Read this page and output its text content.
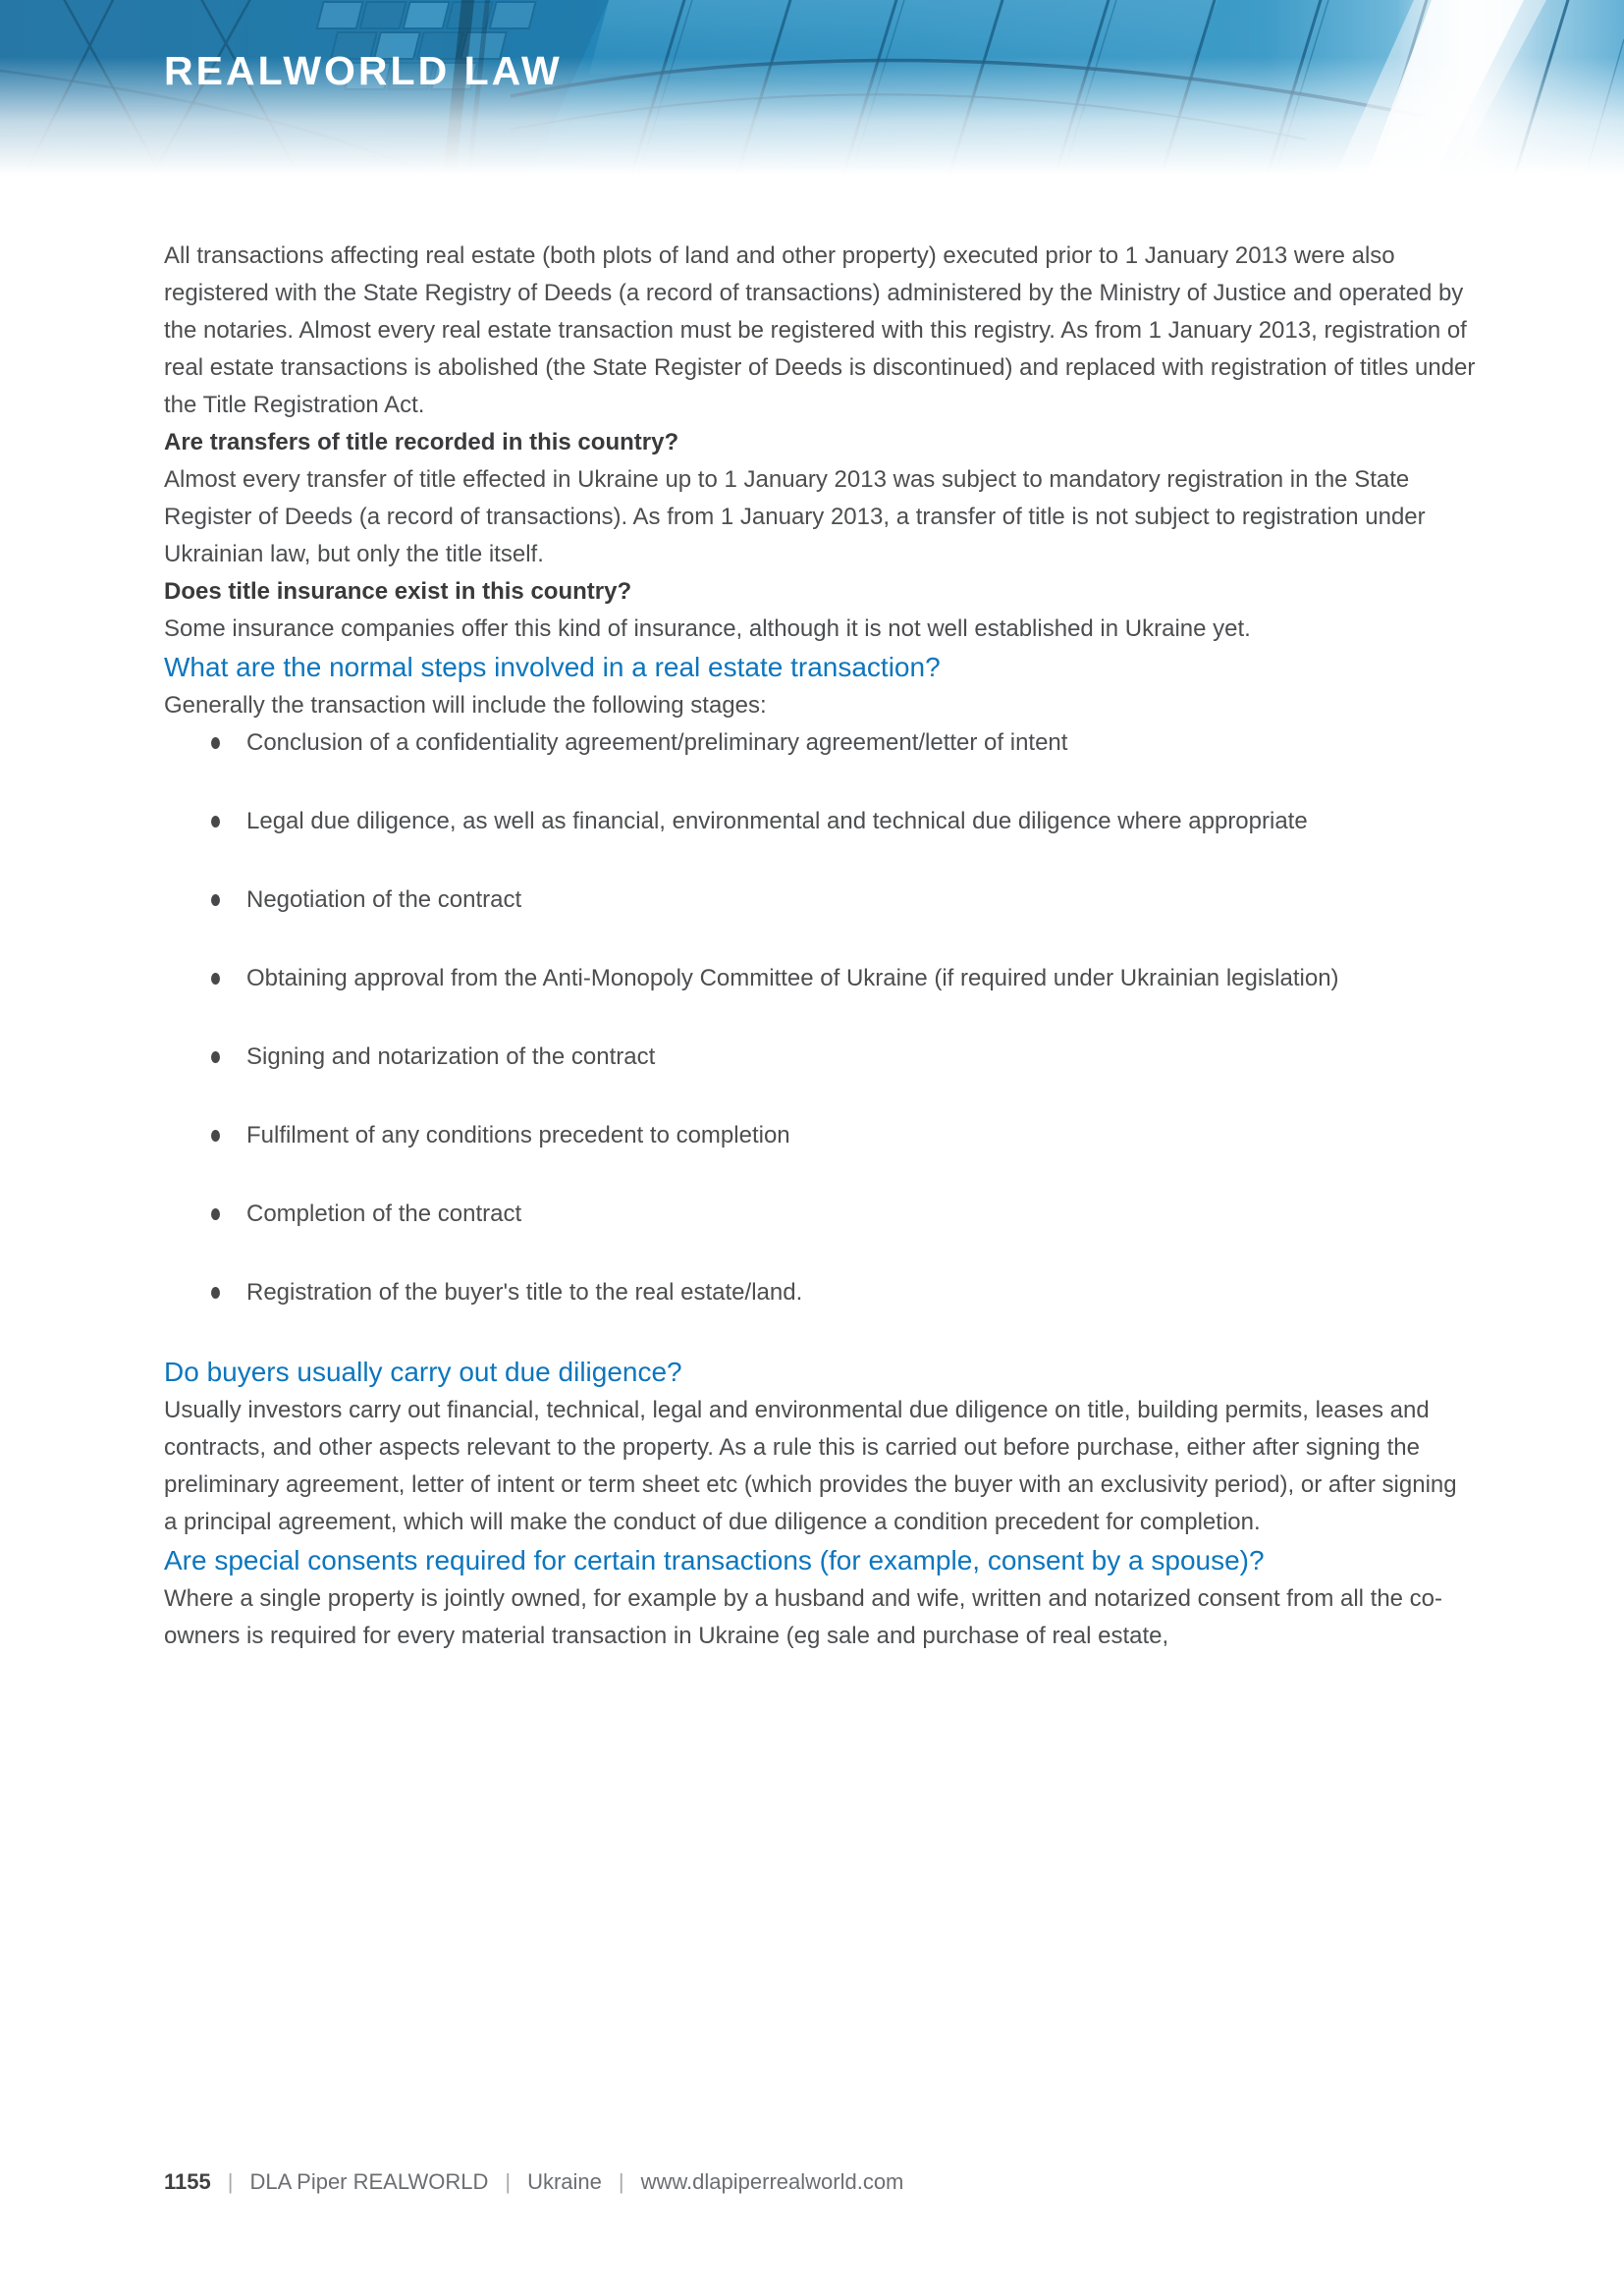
REALWORLD LAW

All transactions affecting real estate (both plots of land and other property) executed prior to 1 January 2013 were also registered with the State Registry of Deeds (a record of transactions) administered by the Ministry of Justice and operated by the notaries. Almost every real estate transaction must be registered with this registry. As from 1 January 2013, registration of real estate transactions is abolished (the State Register of Deeds is discontinued) and replaced with registration of titles under the Title Registration Act.

Are transfers of title recorded in this country?

Almost every transfer of title effected in Ukraine up to 1 January 2013 was subject to mandatory registration in the State Register of Deeds (a record of transactions). As from 1 January 2013, a transfer of title is not subject to registration under Ukrainian law, but only the title itself.

Does title insurance exist in this country?

Some insurance companies offer this kind of insurance, although it is not well established in Ukraine yet.

What are the normal steps involved in a real estate transaction?

Generally the transaction will include the following stages:

Conclusion of a confidentiality agreement/preliminary agreement/letter of intent
Legal due diligence, as well as financial, environmental and technical due diligence where appropriate
Negotiation of the contract
Obtaining approval from the Anti-Monopoly Committee of Ukraine (if required under Ukrainian legislation)
Signing and notarization of the contract
Fulfilment of any conditions precedent to completion
Completion of the contract
Registration of the buyer's title to the real estate/land.
Do buyers usually carry out due diligence?

Usually investors carry out financial, technical, legal and environmental due diligence on title, building permits, leases and contracts, and other aspects relevant to the property. As a rule this is carried out before purchase, either after signing the preliminary agreement, letter of intent or term sheet etc (which provides the buyer with an exclusivity period), or after signing a principal agreement, which will make the conduct of due diligence a condition precedent for completion.

Are special consents required for certain transactions (for example, consent by a spouse)?

Where a single property is jointly owned, for example by a husband and wife, written and notarized consent from all the co-owners is required for every material transaction in Ukraine (eg sale and purchase of real estate,

1155 | DLA Piper REALWORLD | Ukraine | www.dlapiperrealworld.com
